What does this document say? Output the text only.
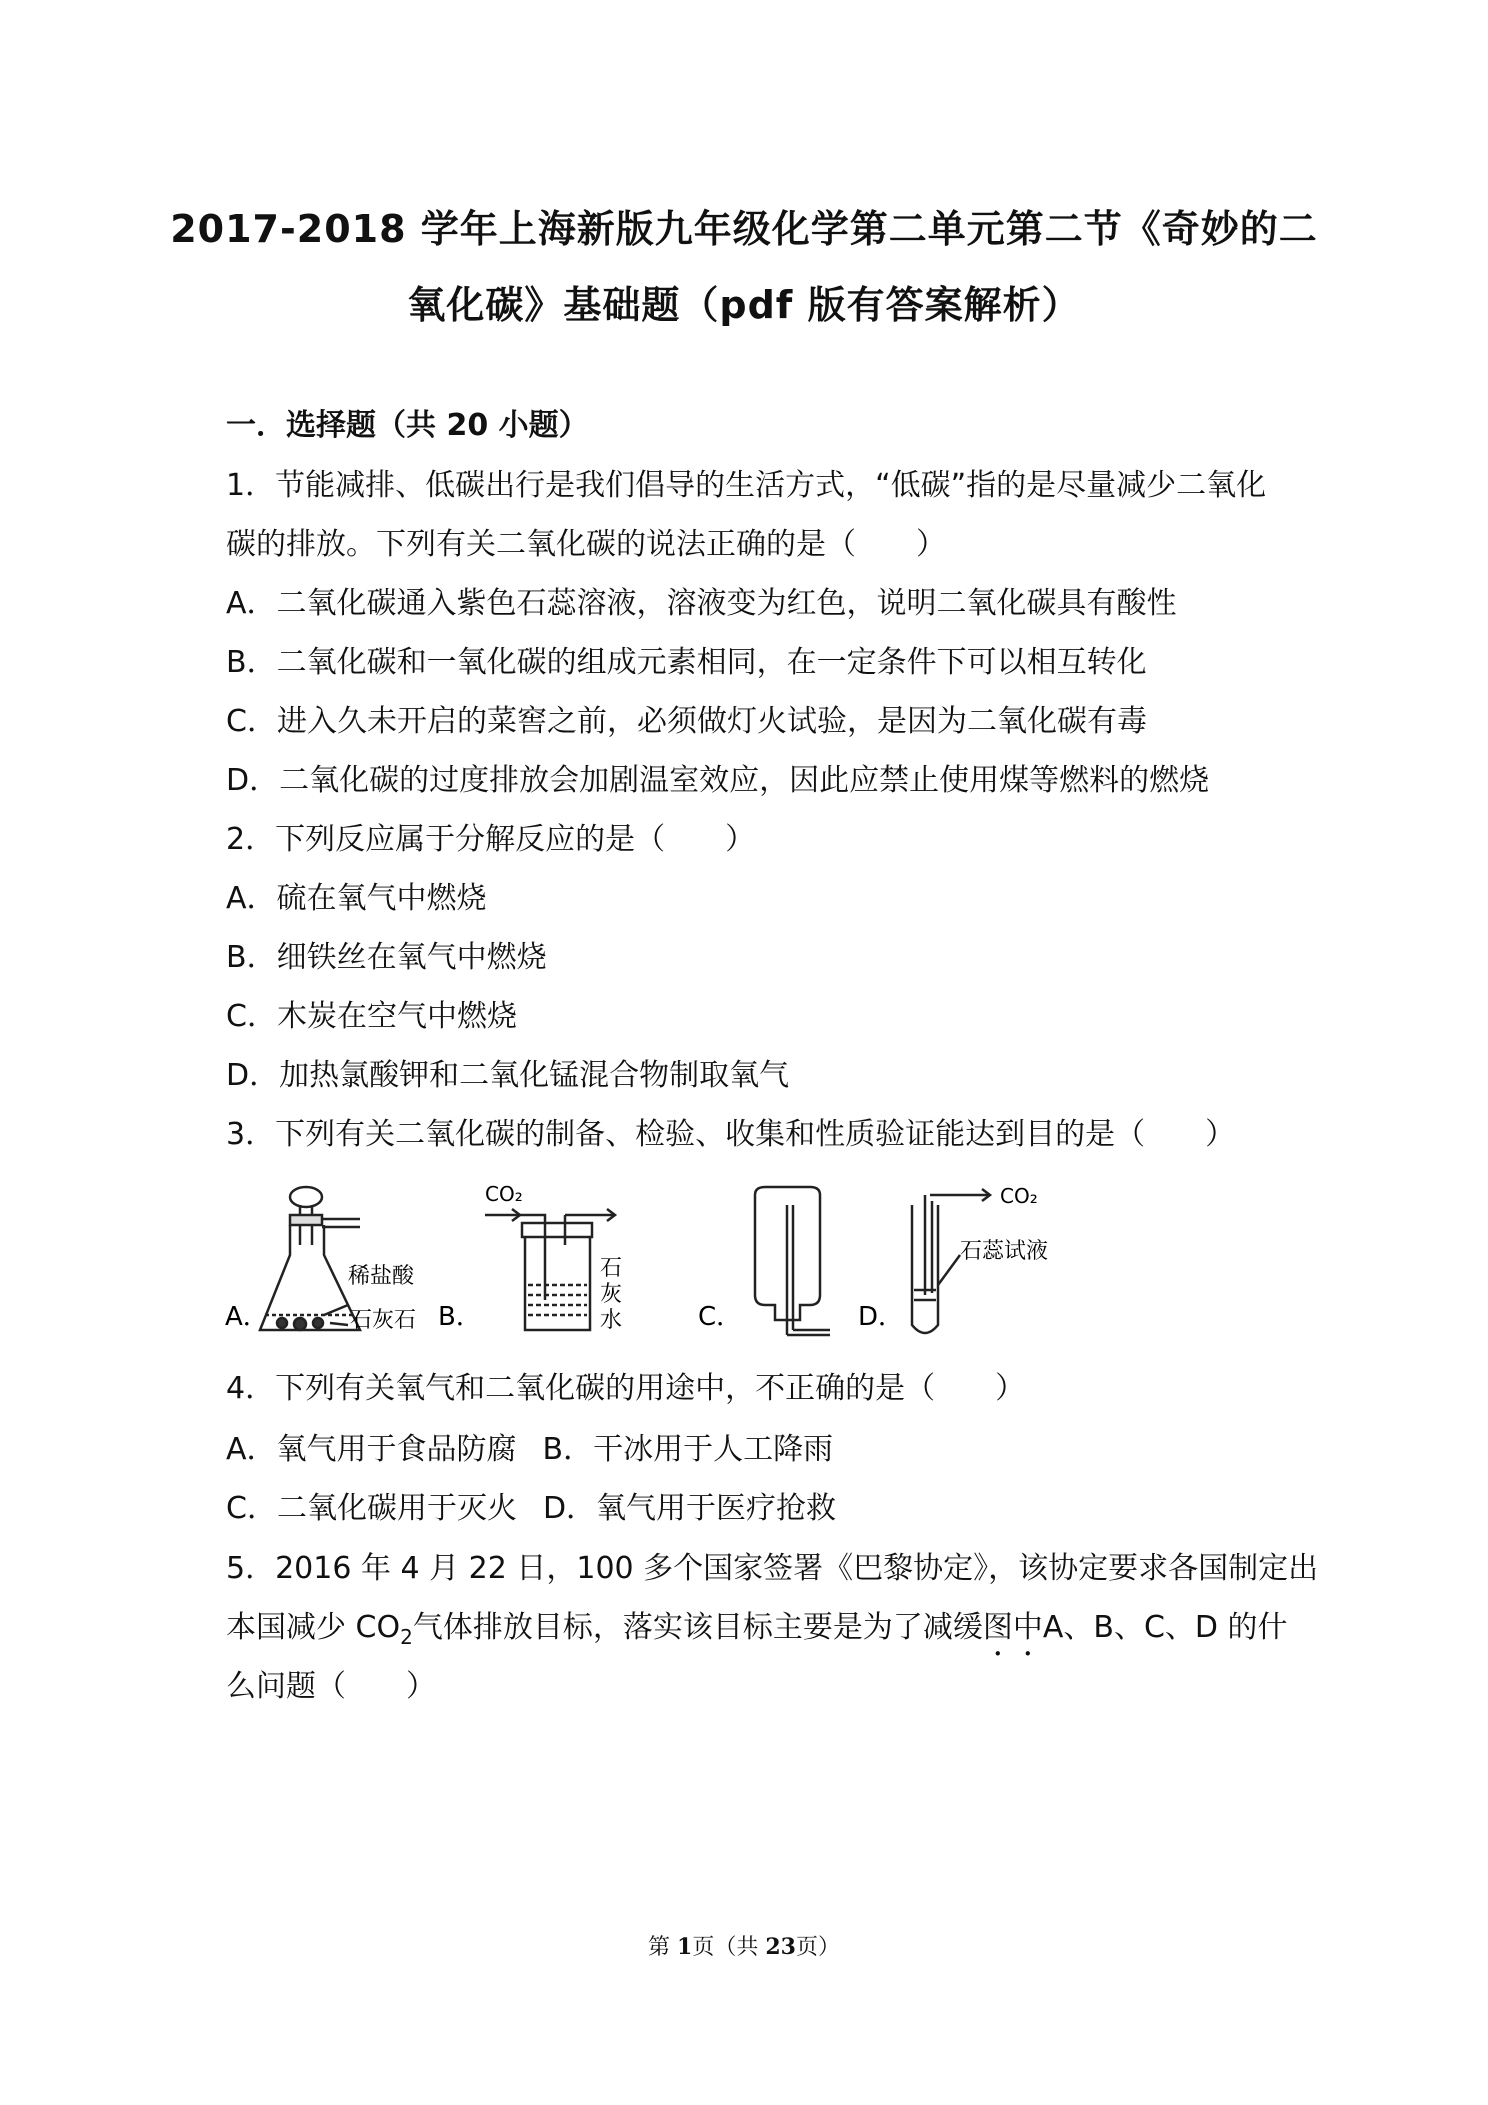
2017-2018 学年上海新版九年级化学第二单元第二节《奇妙的二
氧化碳》基础题（pdf 版有答案解析）
一．选择题（共 20 小题）
1．节能减排、低碳出行是我们倡导的生活方式，“低碳”指的是尽量减少二氧化
碳的排放。下列有关二氧化碳的说法正确的是（　　）
A．二氧化碳通入紫色石蕊溶液，溶液变为红色，说明二氧化碳具有酸性
B．二氧化碳和一氧化碳的组成元素相同，在一定条件下可以相互转化
C．进入久未开启的菜窖之前，必须做灯火试验，是因为二氧化碳有毒
D．二氧化碳的过度排放会加剧温室效应，因此应禁止使用煤等燃料的燃烧
2．下列反应属于分解反应的是（　　）
A．硫在氧气中燃烧
B．细铁丝在氧气中燃烧
C．木炭在空气中燃烧
D．加热氯酸钾和二氧化锰混合物制取氧气
3．下列有关二氧化碳的制备、检验、收集和性质验证能达到目的是（　　）
A．
稀盐酸
石灰石 B．
CO₂
石
灰
水	C．	D．
CO₂
石蕊试液
4．下列有关氧气和二氧化碳的用途中，不正确的是（　　）
A．氧气用于食品防腐 B．干冰用于人工降雨
C．二氧化碳用于灭火 D．氧气用于医疗抢救
5．2016 年 4 月 22 日，100 多个国家签署《巴黎协定》，该协定要求各国制定出
本国减少 $CO_2$气体排放目标，落实该目标主要是为了减缓图中A、B、C、D 的什
么问题（　　）
第 1页（共 23页）
